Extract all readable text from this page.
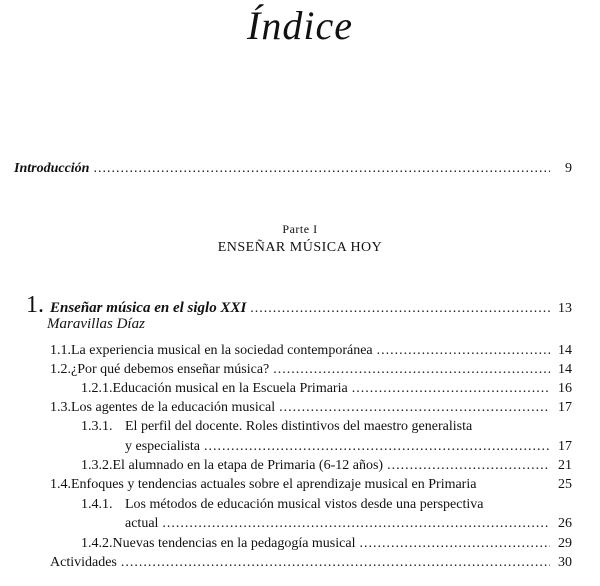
Índice
Introducción .....	9
Parte I
ENSEÑAR MÚSICA HOY
1. Enseñar música en el siglo XXI .....	13
Maravillas Díaz
1.1. La experiencia musical en la sociedad contemporánea .....	14
1.2. ¿Por qué debemos enseñar música? .....	14
1.2.1. Educación musical en la Escuela Primaria .....	16
1.3. Los agentes de la educación musical .....	17
1.3.1. El perfil del docente. Roles distintivos del maestro generalista
y especialista .....	17
1.3.2. El alumnado en la etapa de Primaria (6-12 años) .....	21
1.4. Enfoques y tendencias actuales sobre el aprendizaje musical en Primaria	25
1.4.1. Los métodos de educación musical vistos desde una perspectiva
actual .....	26
1.4.2. Nuevas tendencias en la pedagogía musical .....	29
Actividades .....	30
